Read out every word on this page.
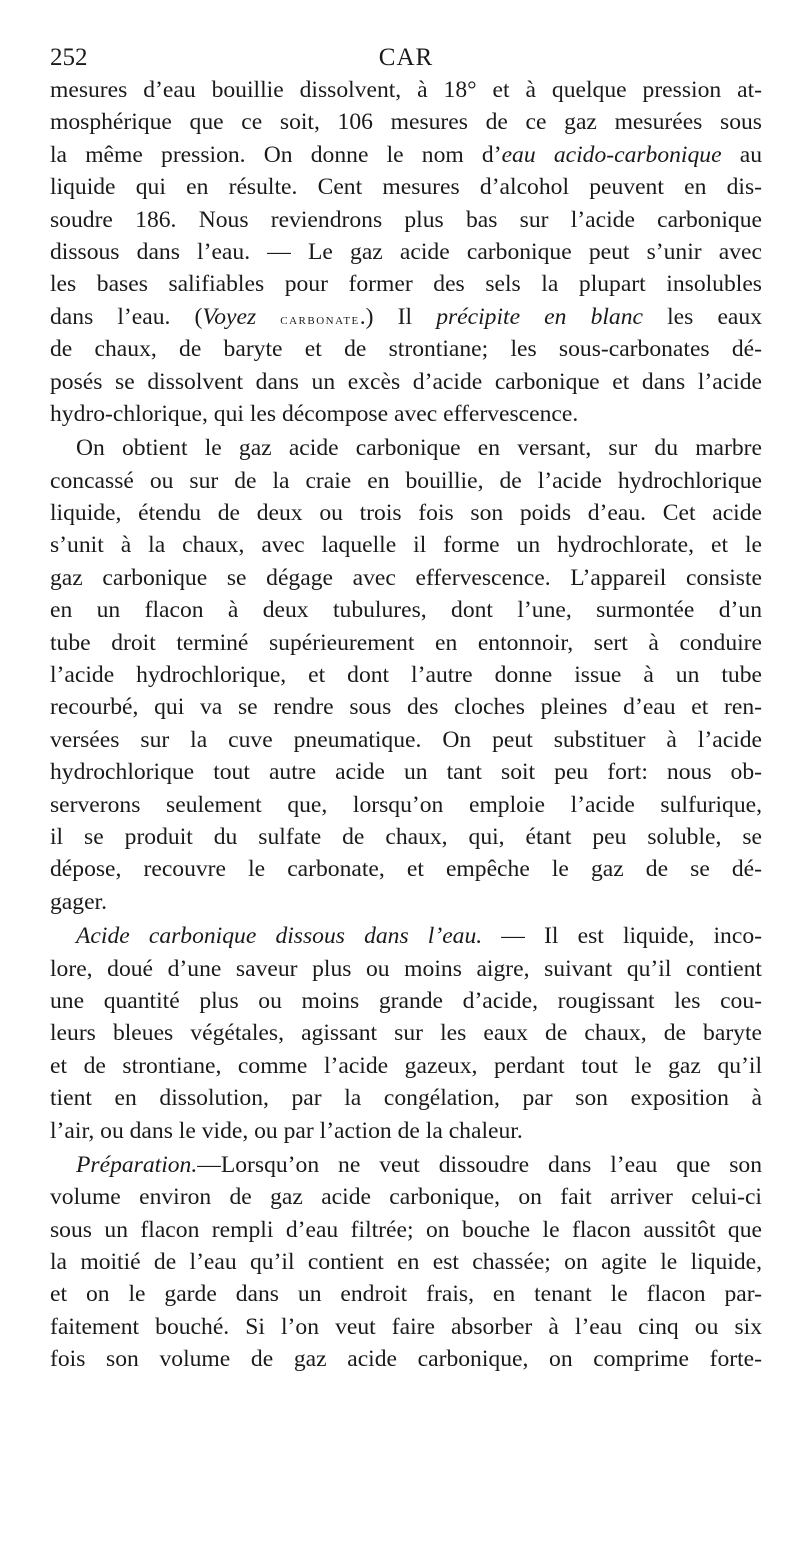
252	CAR
mesures d’eau bouillie dissolvent, à 18° et à quelque pression at-
mosphérique que ce soit, 106 mesures de ce gaz mesurées sous
la même pression. On donne le nom d’eau acido-carbonique au
liquide qui en résulte. Cent mesures d’alcohol peuvent en dis-
soudre 186. Nous reviendrons plus bas sur l’acide carbonique
dissous dans l’eau. — Le gaz acide carbonique peut s’unir avec
les bases salifiables pour former des sels la plupart insolubles
dans l’eau. (Voyez carbonate.) Il précipite en blanc les eaux
de chaux, de baryte et de strontiane; les sous-carbonates dé-
posés se dissolvent dans un excès d’acide carbonique et dans l’acide
hydro-chlorique, qui les décompose avec effervescence.
On obtient le gaz acide carbonique en versant, sur du marbre
concassé ou sur de la craie en bouillie, de l’acide hydrochlorique
liquide, étendu de deux ou trois fois son poids d’eau. Cet acide
s’unit à la chaux, avec laquelle il forme un hydrochlorate, et le
gaz carbonique se dégage avec effervescence. L’appareil consiste
en un flacon à deux tubulures, dont l’une, surmontée d’un
tube droit terminé supérieurement en entonnoir, sert à conduire
l’acide hydrochlorique, et dont l’autre donne issue à un tube
recourbé, qui va se rendre sous des cloches pleines d’eau et ren-
versées sur la cuve pneumatique. On peut substituer à l’acide
hydrochlorique tout autre acide un tant soit peu fort: nous ob-
serverons seulement que, lorsqu’on emploie l’acide sulfurique,
il se produit du sulfate de chaux, qui, étant peu soluble, se
dépose, recouvre le carbonate, et empêche le gaz de se dé-
gager.
Acide carbonique dissous dans l’eau. — Il est liquide, inco-
lore, doué d’une saveur plus ou moins aigre, suivant qu’il contient
une quantité plus ou moins grande d’acide, rougissant les cou-
leurs bleues végétales, agissant sur les eaux de chaux, de baryte
et de strontiane, comme l’acide gazeux, perdant tout le gaz qu’il
tient en dissolution, par la congélation, par son exposition à
l’air, ou dans le vide, ou par l’action de la chaleur.
Préparation.—Lorsqu’on ne veut dissoudre dans l’eau que son
volume environ de gaz acide carbonique, on fait arriver celui-ci
sous un flacon rempli d’eau filtrée; on bouche le flacon aussitôt que
la moitié de l’eau qu’il contient en est chassée; on agite le liquide,
et on le garde dans un endroit frais, en tenant le flacon par-
faitement bouché. Si l’on veut faire absorber à l’eau cinq ou six
fois son volume de gaz acide carbonique, on comprime forte-
